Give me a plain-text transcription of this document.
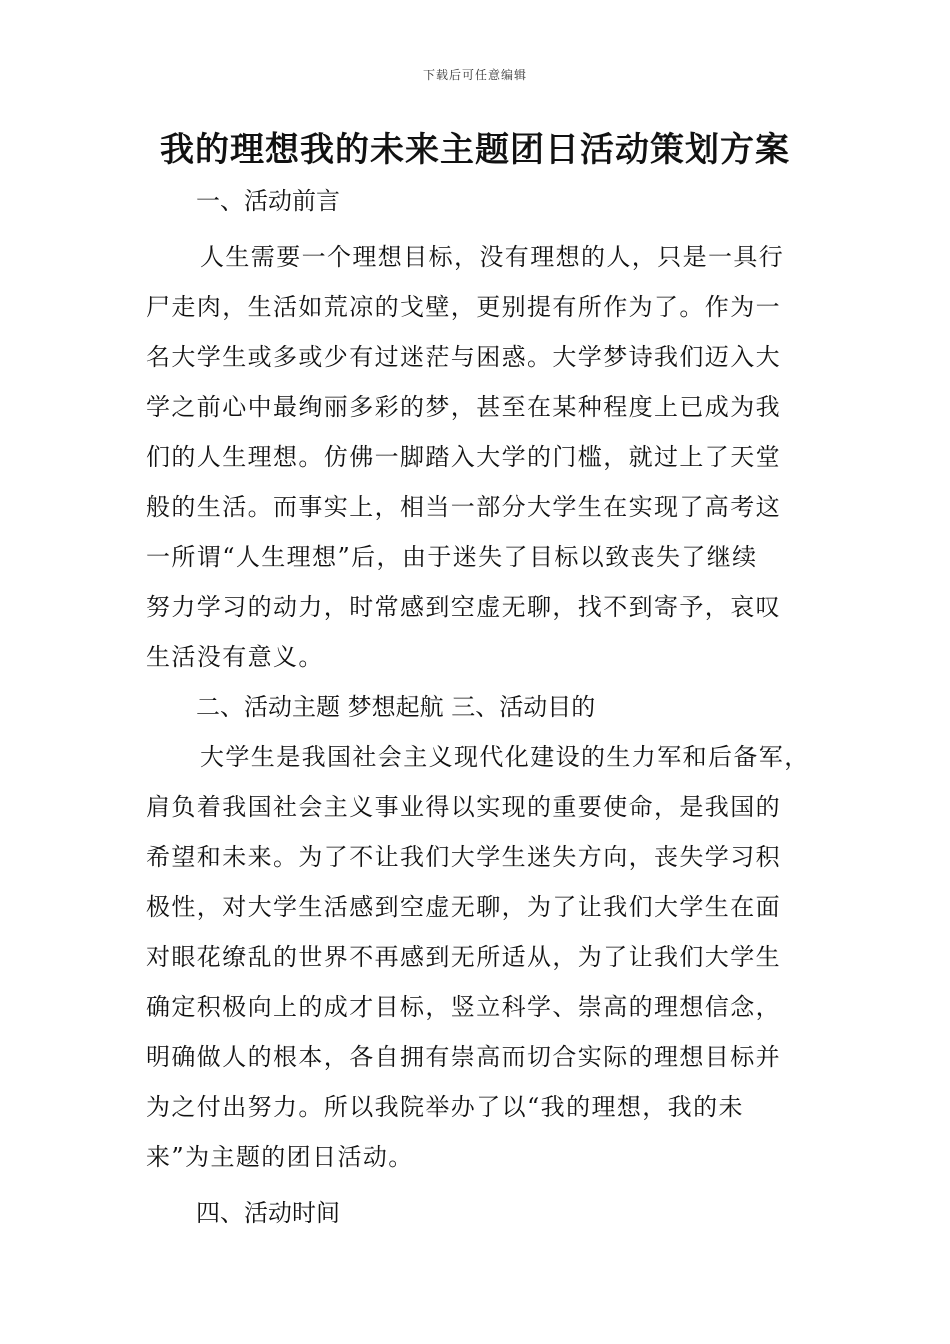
下载后可任意编辑
我的理想我的未来主题团日活动策划方案

一、活动前言

人生需要一个理想目标，没有理想的人，只是一具行
尸走肉，生活如荒凉的戈壁，更别提有所作为了。作为一
名大学生或多或少有过迷茫与困惑。大学梦诗我们迈入大
学之前心中最绚丽多彩的梦，甚至在某种程度上已成为我
们的人生理想。仿佛一脚踏入大学的门槛，就过上了天堂
般的生活。而事实上，相当一部分大学生在实现了高考这
一所谓“人生理想”后，由于迷失了目标以致丧失了继续
努力学习的动力，时常感到空虚无聊，找不到寄予，哀叹
生活没有意义。

二、活动主题 梦想起航 三、活动目的

大学生是我国社会主义现代化建设的生力军和后备军，
肩负着我国社会主义事业得以实现的重要使命，是我国的
希望和未来。为了不让我们大学生迷失方向，丧失学习积
极性，对大学生活感到空虚无聊，为了让我们大学生在面
对眼花缭乱的世界不再感到无所适从，为了让我们大学生
确定积极向上的成才目标，竖立科学、崇高的理想信念，
明确做人的根本，各自拥有崇高而切合实际的理想目标并
为之付出努力。所以我院举办了以“我的理想，我的未
来”为主题的团日活动。

四、活动时间
